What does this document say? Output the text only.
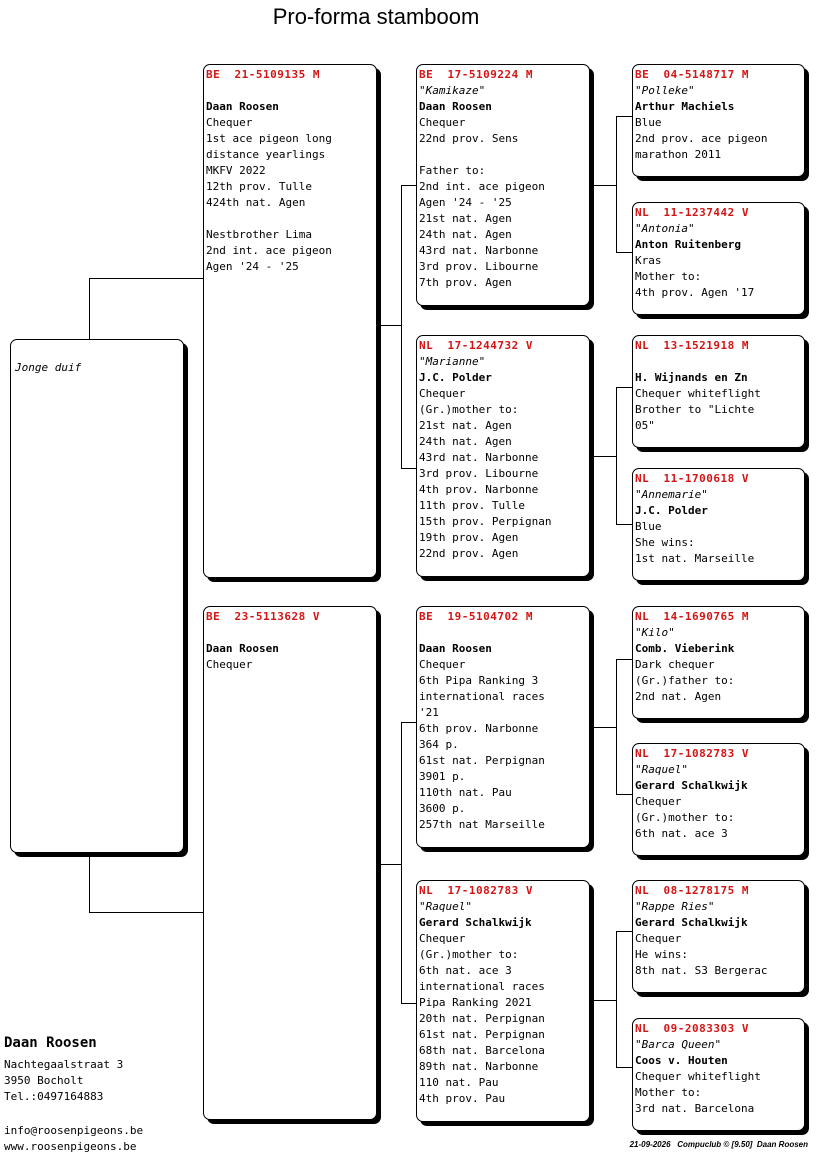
Pro-forma stamboom
Jonge duif
BE  21-5109135 M
Daan Roosen
Chequer
1st ace pigeon long
distance yearlings
MKFV 2022
12th prov. Tulle
424th nat. Agen
Nestbrother Lima
2nd int. ace pigeon
Agen '24 - '25
BE  23-5113628 V
Daan Roosen
Chequer
BE  17-5109224 M
"Kamikaze"
Daan Roosen
Chequer
22nd prov. Sens
Father to:
2nd int. ace pigeon
Agen '24 - '25
21st nat. Agen
24th nat. Agen
43rd nat. Narbonne
3rd prov. Libourne
7th prov. Agen
NL  17-1244732 V
"Marianne"
J.C. Polder
Chequer
(Gr.)mother to:
21st nat. Agen
24th nat. Agen
43rd nat. Narbonne
3rd prov. Libourne
4th prov. Narbonne
11th prov. Tulle
15th prov. Perpignan
19th prov. Agen
22nd prov. Agen
BE  19-5104702 M
Daan Roosen
Chequer
6th Pipa Ranking 3
international races
'21
6th prov. Narbonne
364 p.
61st nat. Perpignan
3901 p.
110th nat. Pau
3600 p.
257th nat Marseille
NL  17-1082783 V
"Raquel"
Gerard Schalkwijk
Chequer
(Gr.)mother to:
6th nat. ace 3
international races
Pipa Ranking 2021
20th nat. Perpignan
61st nat. Perpignan
68th nat. Barcelona
89th nat. Narbonne
110 nat. Pau
4th prov. Pau
BE  04-5148717 M
"Polleke"
Arthur Machiels
Blue
2nd prov. ace pigeon
marathon 2011
NL  11-1237442 V
"Antonia"
Anton Ruitenberg
Kras
Mother to:
4th prov. Agen '17
NL  13-1521918 M
H. Wijnands en Zn
Chequer whiteflight
Brother to "Lichte
05"
NL  11-1700618 V
"Annemarie"
J.C. Polder
Blue
She wins:
1st nat. Marseille
NL  14-1690765 M
"Kilo"
Comb. Vieberink
Dark chequer
(Gr.)father to:
2nd nat. Agen
NL  17-1082783 V
"Raquel"
Gerard Schalkwijk
Chequer
(Gr.)mother to:
6th nat. ace 3
NL  08-1278175 M
"Rappe Ries"
Gerard Schalkwijk
Chequer
He wins:
8th nat. S3 Bergerac
NL  09-2083303 V
"Barca Queen"
Coos v. Houten
Chequer whiteflight
Mother to:
3rd nat. Barcelona
Daan Roosen
Nachtegaalstraat 3
3950 Bocholt
Tel.:0497164883
info@roosenpigeons.be
www.roosenpigeons.be	21-09-2026   Compuclub © [9.50]  Daan Roosen
